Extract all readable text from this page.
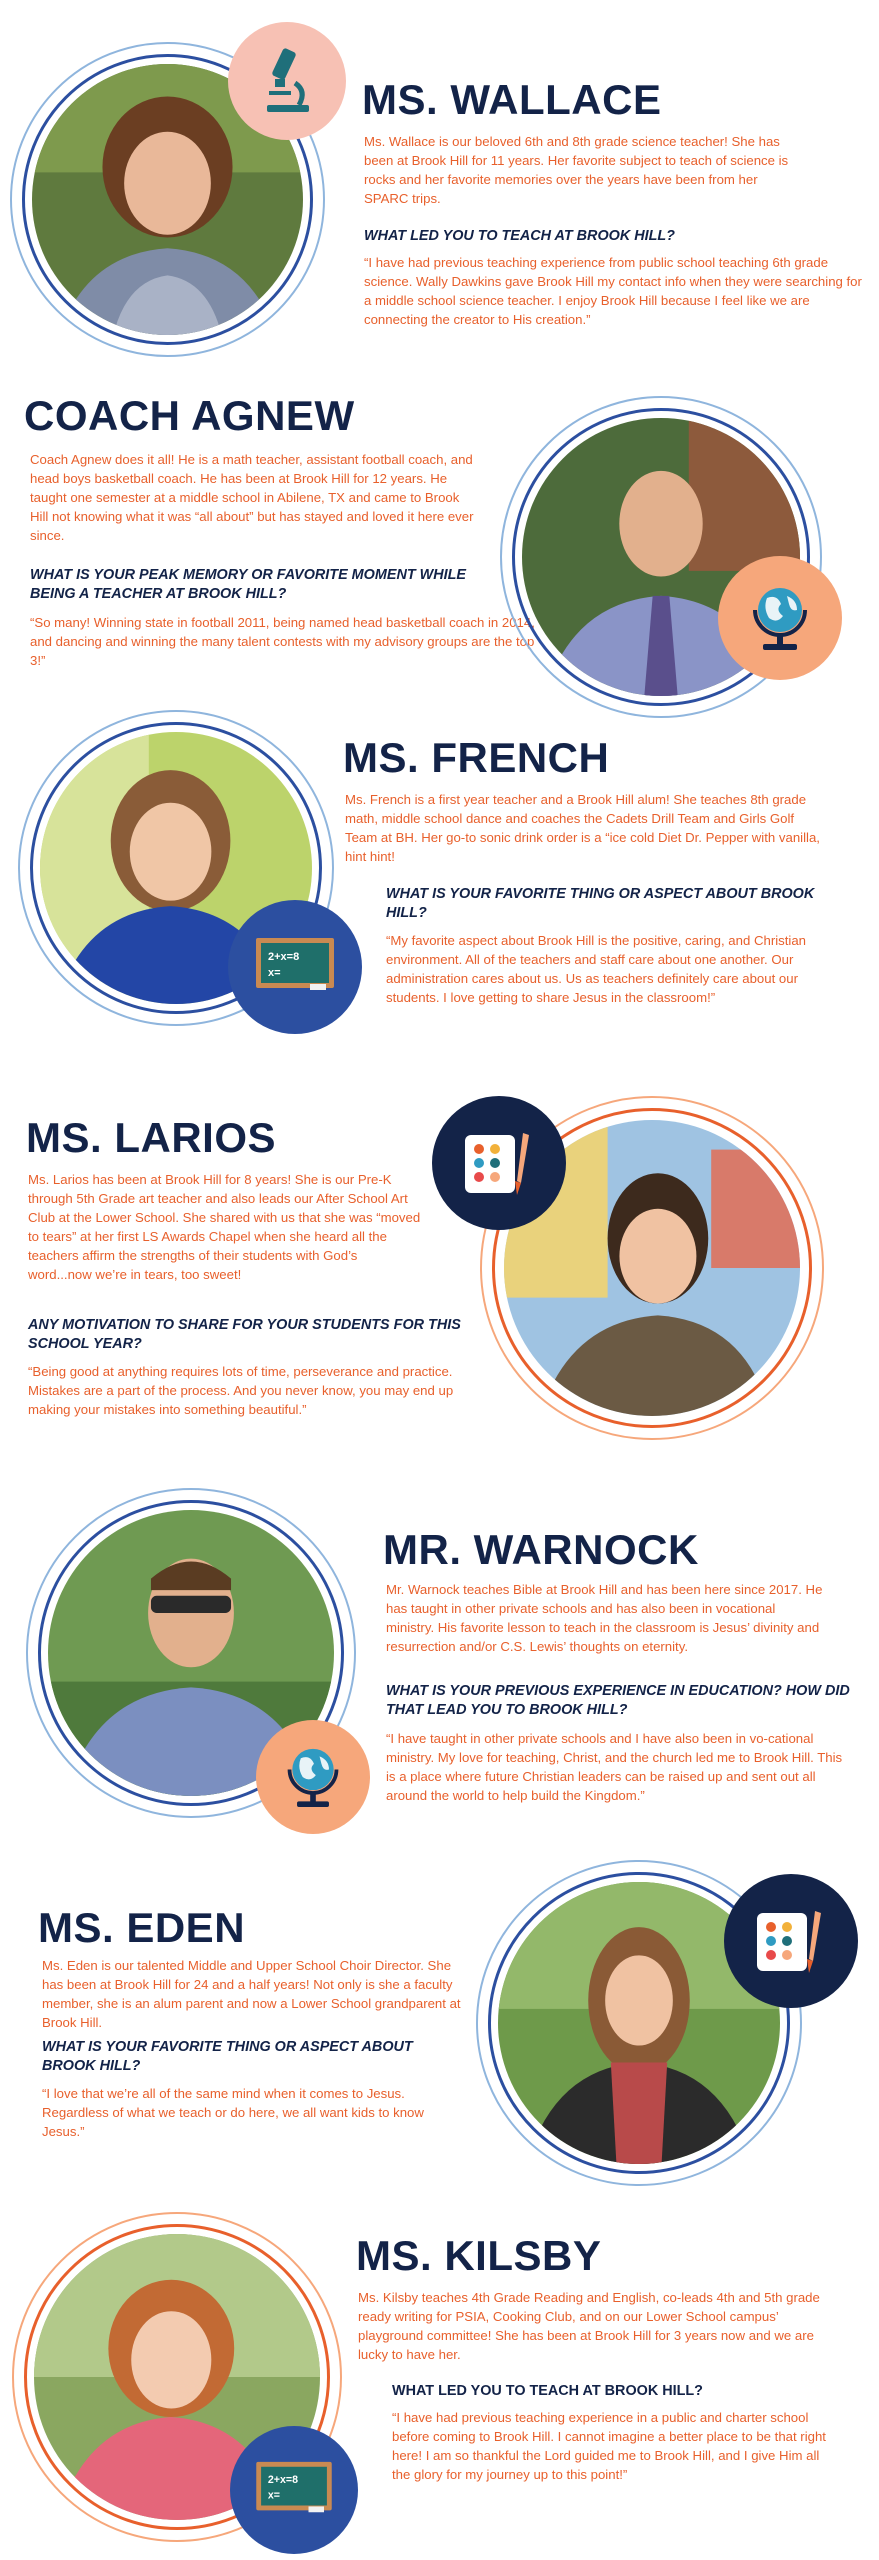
MS. WALLACE
Ms. Wallace is our beloved 6th and 8th grade science teacher! She has been at Brook Hill for 11 years. Her favorite subject to teach of science is rocks and her favorite memories over the years have been from her SPARC trips.
WHAT LED YOU TO TEACH AT BROOK HILL?
“I have had previous teaching experience from public school teaching 6th grade science. Wally Dawkins gave Brook Hill my contact info when they were searching for a middle school science teacher. I enjoy Brook Hill because I feel like we are connecting the creator to His creation.”
COACH AGNEW
Coach Agnew does it all! He is a math teacher, assistant football coach, and head boys basketball coach. He has been at Brook Hill for 12 years. He taught one semester at a middle school in Abilene, TX and came to Brook Hill not knowing what it was “all about” but has stayed and loved it here ever since.
WHAT IS YOUR PEAK MEMORY OR FAVORITE MOMENT WHILE BEING A TEACHER AT BROOK HILL?
“So many! Winning state in football 2011, being named head basketball coach in 2014, and dancing and winning the many talent contests with my advisory groups are the top 3!”
2+x=8
x=
MS. FRENCH
Ms. French is a first year teacher and a Brook Hill alum! She teaches 8th grade math, middle school dance and coaches the Cadets Drill Team and Girls Golf Team at BH. Her go-to sonic drink order is a “ice cold Diet Dr. Pepper with vanilla, hint hint!
WHAT IS YOUR FAVORITE THING OR ASPECT ABOUT BROOK HILL?
“My favorite aspect about Brook Hill is the positive, caring, and Christian environment. All of the teachers and staff care about one another. Our administration cares about us. Us as teachers definitely care about our students. I love getting to share Jesus in the classroom!”
MS. LARIOS
Ms. Larios has been at Brook Hill for 8 years! She is our Pre-K through 5th Grade art teacher and also leads our After School Art Club at the Lower School. She shared with us that she was “moved to tears” at her first LS Awards Chapel when she heard all the teachers affirm the strengths of their students with God’s word...now we’re in tears, too sweet!
ANY MOTIVATION TO SHARE FOR YOUR STUDENTS FOR THIS SCHOOL YEAR?
“Being good at anything requires lots of time, perseverance and practice. Mistakes are a part of the process. And you never know, you may end up making your mistakes into something beautiful.”
MR. WARNOCK
Mr. Warnock teaches Bible at Brook Hill and has been here since 2017. He has taught in other private schools and has also been in vocational ministry. His favorite lesson to teach in the classroom is Jesus’ divinity and resurrection and/or C.S. Lewis’ thoughts on eternity.
WHAT IS YOUR PREVIOUS EXPERIENCE IN EDUCATION? HOW DID THAT LEAD YOU TO BROOK HILL?
“I have taught in other private schools and I have also been in vo-cational ministry. My love for teaching, Christ, and the church led me to Brook Hill. This is a place where future Christian leaders can be raised up and sent out all around the world to help build the Kingdom.”
MS. EDEN
Ms. Eden is our talented Middle and Upper School Choir Director. She has been at Brook Hill for 24 and a half years! Not only is she a faculty member, she is an alum parent and now a Lower School grandparent at Brook Hill.
WHAT IS YOUR FAVORITE THING OR ASPECT ABOUT BROOK HILL?
“I love that we’re all of the same mind when it comes to Jesus. Regardless of what we teach or do here, we all want kids to know Jesus.”
2+x=8
x=
MS. KILSBY
Ms. Kilsby teaches 4th Grade Reading and English, co-leads 4th and 5th grade ready writing for PSIA, Cooking Club, and on our Lower School campus’ playground committee! She has been at Brook Hill for 3 years now and we are lucky to have her.
WHAT LED YOU TO TEACH AT BROOK HILL?
“I have had previous teaching experience in a public and charter school before coming to Brook Hill. I cannot imagine a better place to be that right here! I am so thankful the Lord guided me to Brook Hill, and I give Him all the glory for my journey up to this point!”
